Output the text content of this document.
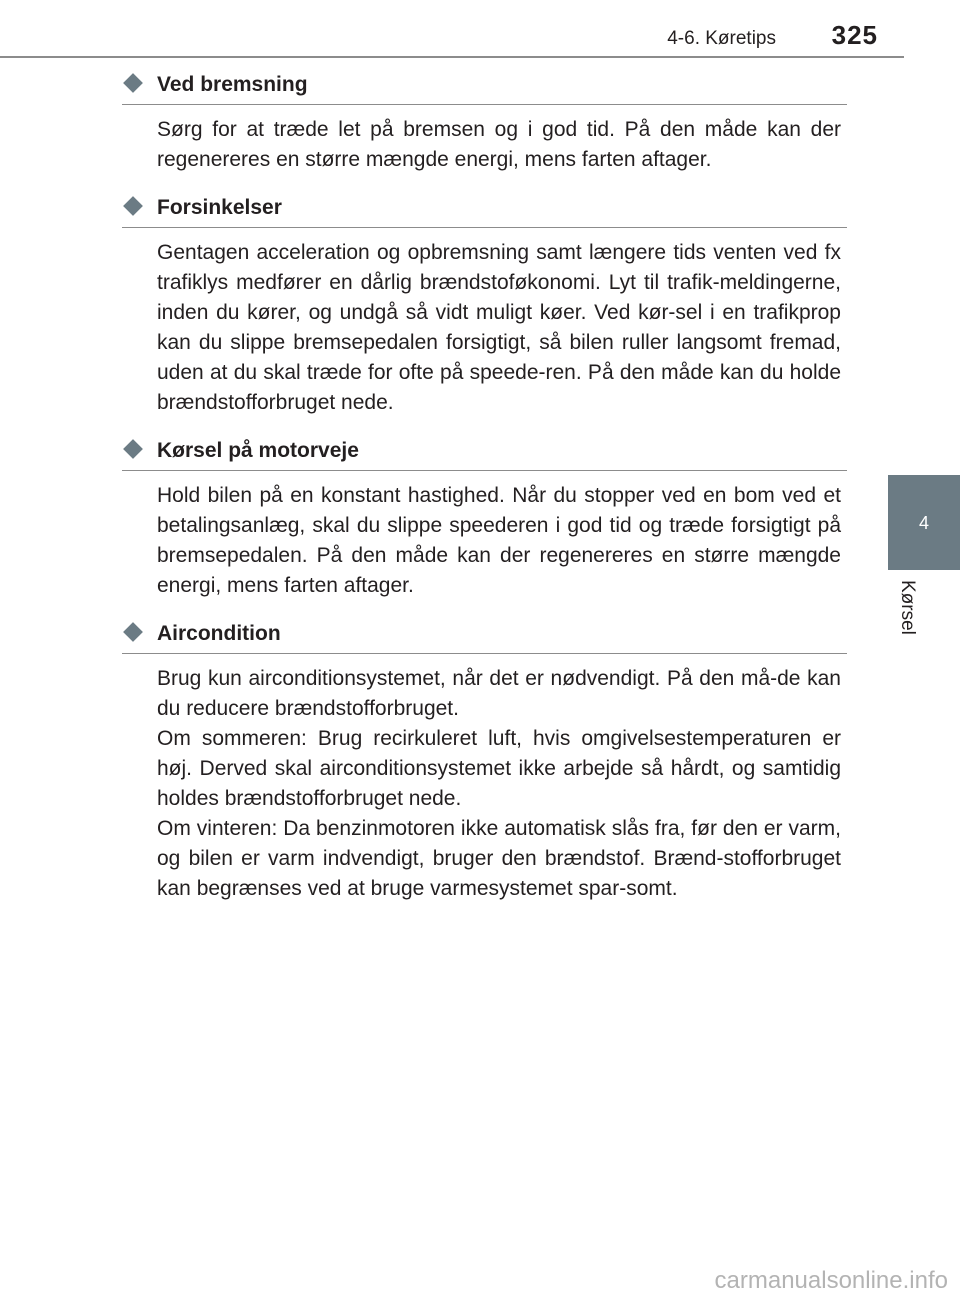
4-6. Køretips 325
4
Kørsel
Ved bremsning

Sørg for at træde let på bremsen og i god tid. På den måde kan der regenereres en større mængde energi, mens farten aftager.

Forsinkelser

Gentagen acceleration og opbremsning samt længere tids venten ved fx trafiklys medfører en dårlig brændstoføkonomi. Lyt til trafik-meldingerne, inden du kører, og undgå så vidt muligt køer. Ved kør-sel i en trafikprop kan du slippe bremsepedalen forsigtigt, så bilen ruller langsomt fremad, uden at du skal træde for ofte på speede-ren. På den måde kan du holde brændstofforbruget nede.

Kørsel på motorveje

Hold bilen på en konstant hastighed. Når du stopper ved en bom ved et betalingsanlæg, skal du slippe speederen i god tid og træde forsigtigt på bremsepedalen. På den måde kan der regenereres en større mængde energi, mens farten aftager.

Aircondition

Brug kun airconditionsystemet, når det er nødvendigt. På den må-de kan du reducere brændstofforbruget.

Om sommeren: Brug recirkuleret luft, hvis omgivelsestemperaturen er høj. Derved skal airconditionsystemet ikke arbejde så hårdt, og samtidig holdes brændstofforbruget nede.

Om vinteren: Da benzinmotoren ikke automatisk slås fra, før den er varm, og bilen er varm indvendigt, bruger den brændstof. Brænd-stofforbruget kan begrænses ved at bruge varmesystemet spar-somt.

carmanualsonline.info
